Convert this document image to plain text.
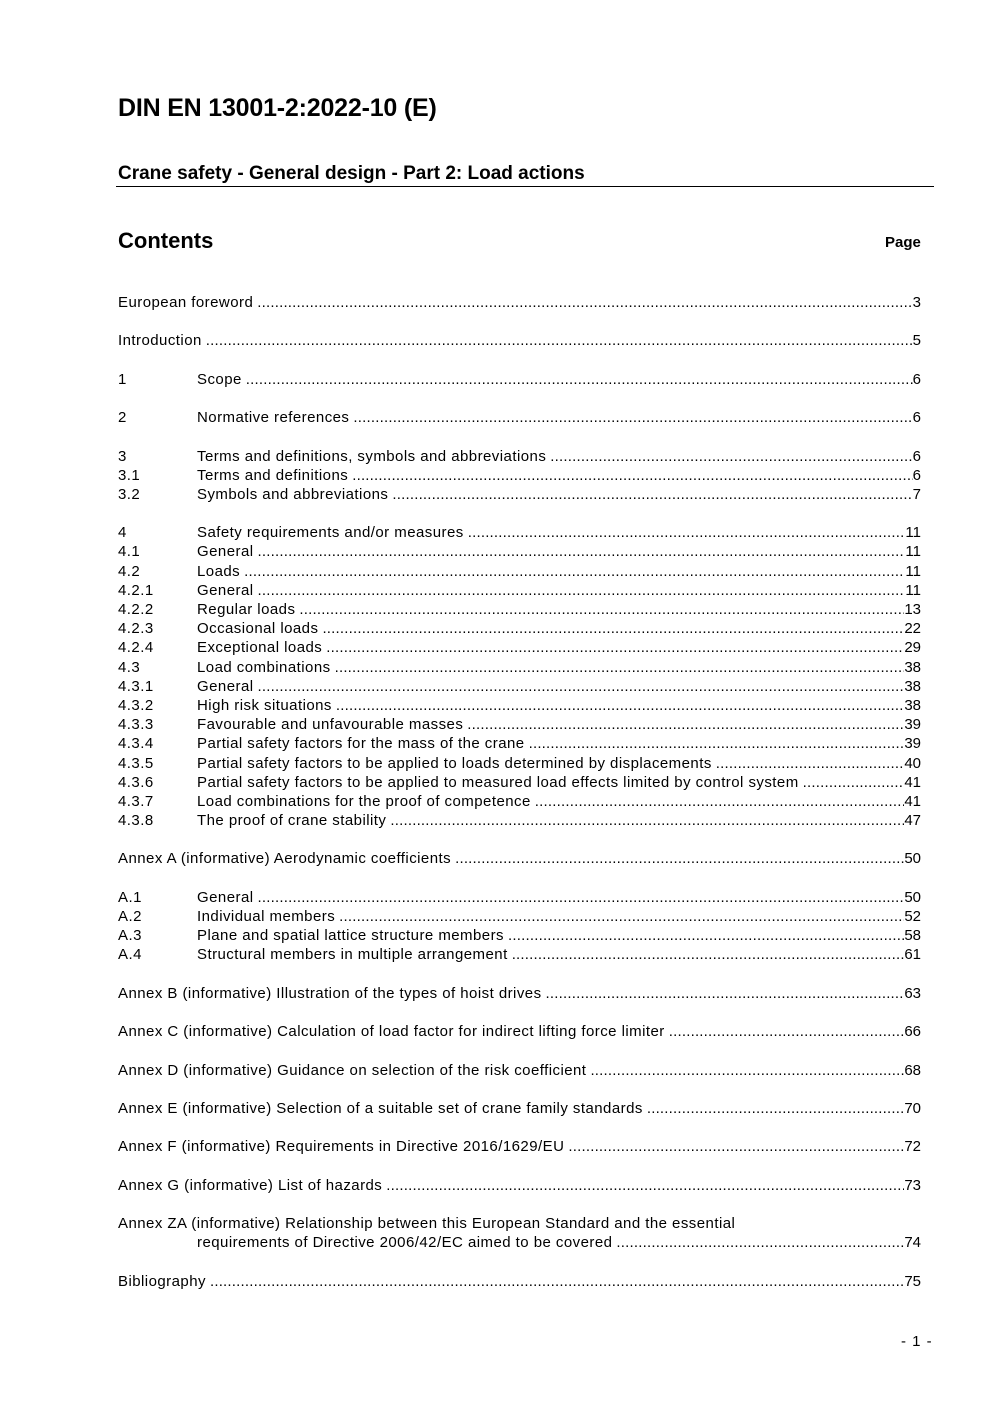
DIN EN 13001-2:2022-10 (E)
Crane safety - General design - Part 2: Load actions
Contents	Page
European foreword .....	3
Introduction .....	5
1	Scope .....	6
2	Normative references .....	6
3	Terms and definitions, symbols and abbreviations .....	6
3.1	Terms and definitions .....	6
3.2	Symbols and abbreviations .....	7
4	Safety requirements and/or measures .....	11
4.1	General .....	11
4.2	Loads .....	11
4.2.1	General .....	11
4.2.2	Regular loads .....	13
4.2.3	Occasional loads .....	22
4.2.4	Exceptional loads .....	29
4.3	Load combinations .....	38
4.3.1	General .....	38
4.3.2	High risk situations .....	38
4.3.3	Favourable and unfavourable masses .....	39
4.3.4	Partial safety factors for the mass of the crane .....	39
4.3.5	Partial safety factors to be applied to loads determined by displacements .....	40
4.3.6	Partial safety factors to be applied to measured load effects limited by control system .....	41
4.3.7	Load combinations for the proof of competence .....	41
4.3.8	The proof of crane stability .....	47
Annex A (informative) Aerodynamic coefficients .....	50
A.1	General .....	50
A.2	Individual members .....	52
A.3	Plane and spatial lattice structure members .....	58
A.4	Structural members in multiple arrangement .....	61
Annex B (informative) Illustration of the types of hoist drives .....	63
Annex C (informative) Calculation of load factor for indirect lifting force limiter .....	66
Annex D (informative) Guidance on selection of the risk coefficient .....	68
Annex E (informative) Selection of a suitable set of crane family standards .....	70
Annex F (informative) Requirements in Directive 2016/1629/EU .....	72
Annex G (informative) List of hazards .....	73
Annex ZA (informative) Relationship between this European Standard and the essential
requirements of Directive 2006/42/EC aimed to be covered .....	74
Bibliography .....	75
- 1 -
